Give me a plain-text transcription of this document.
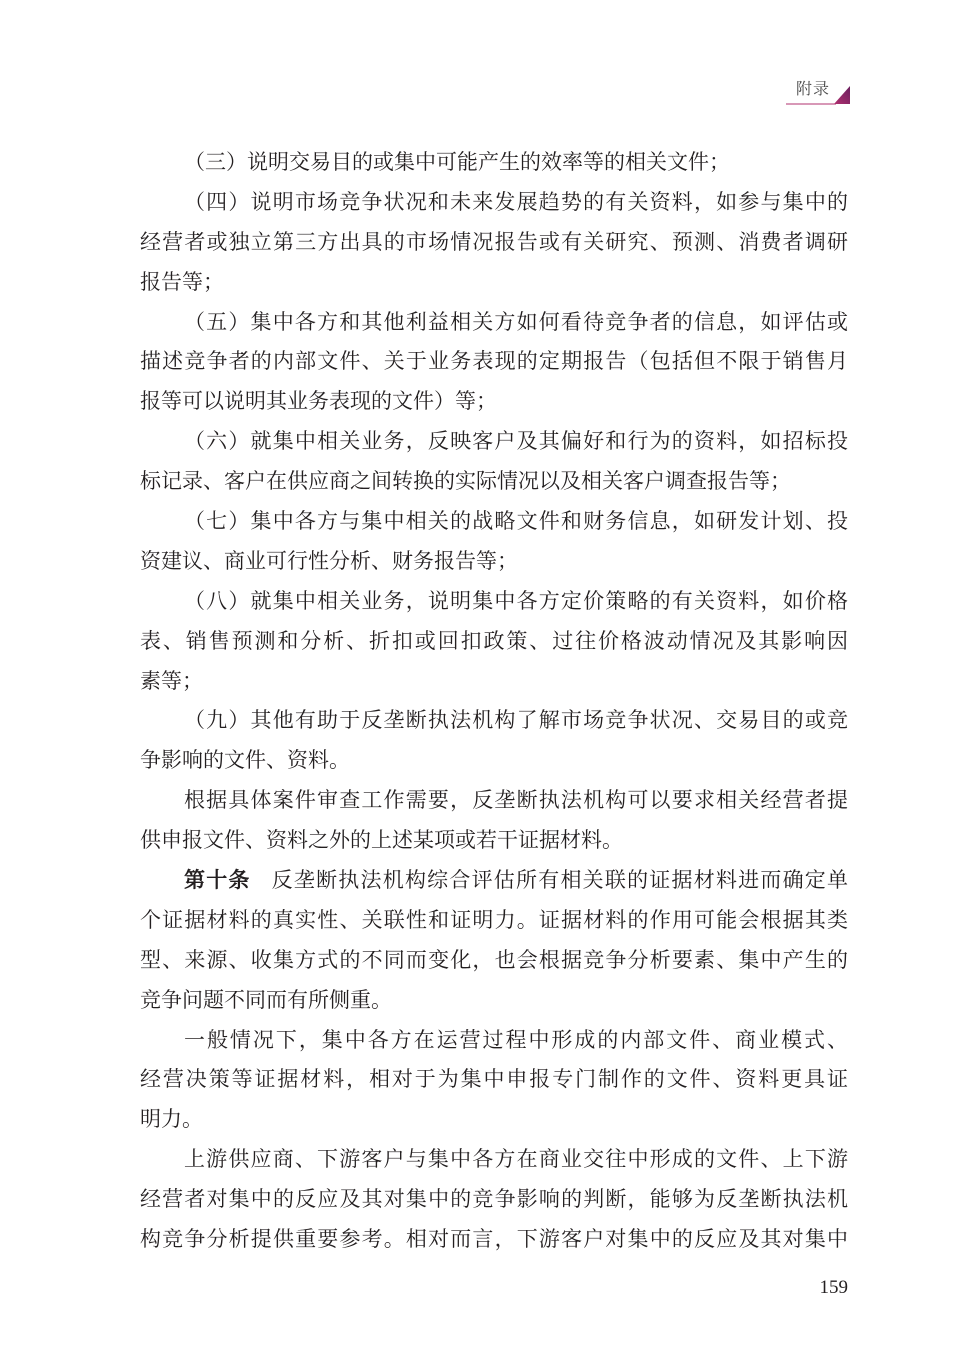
附录
（三）说明交易目的或集中可能产生的效率等的相关文件；
（四）说明市场竞争状况和未来发展趋势的有关资料，如参与集中的
经营者或独立第三方出具的市场情况报告或有关研究、预测、消费者调研
报告等；
（五）集中各方和其他利益相关方如何看待竞争者的信息，如评估或
描述竞争者的内部文件、关于业务表现的定期报告（包括但不限于销售月
报等可以说明其业务表现的文件）等；
（六）就集中相关业务，反映客户及其偏好和行为的资料，如招标投
标记录、客户在供应商之间转换的实际情况以及相关客户调查报告等；
（七）集中各方与集中相关的战略文件和财务信息，如研发计划、投
资建议、商业可行性分析、财务报告等；
（八）就集中相关业务，说明集中各方定价策略的有关资料，如价格
表、销售预测和分析、折扣或回扣政策、过往价格波动情况及其影响因
素等；
（九）其他有助于反垄断执法机构了解市场竞争状况、交易目的或竞
争影响的文件、资料。
根据具体案件审查工作需要，反垄断执法机构可以要求相关经营者提
供申报文件、资料之外的上述某项或若干证据材料。
第十条 反垄断执法机构综合评估所有相关联的证据材料进而确定单
个证据材料的真实性、关联性和证明力。证据材料的作用可能会根据其类
型、来源、收集方式的不同而变化，也会根据竞争分析要素、集中产生的
竞争问题不同而有所侧重。
一般情况下，集中各方在运营过程中形成的内部文件、商业模式、
经营决策等证据材料，相对于为集中申报专门制作的文件、资料更具证
明力。
上游供应商、下游客户与集中各方在商业交往中形成的文件、上下游
经营者对集中的反应及其对集中的竞争影响的判断，能够为反垄断执法机
构竞争分析提供重要参考。相对而言，下游客户对集中的反应及其对集中
159
